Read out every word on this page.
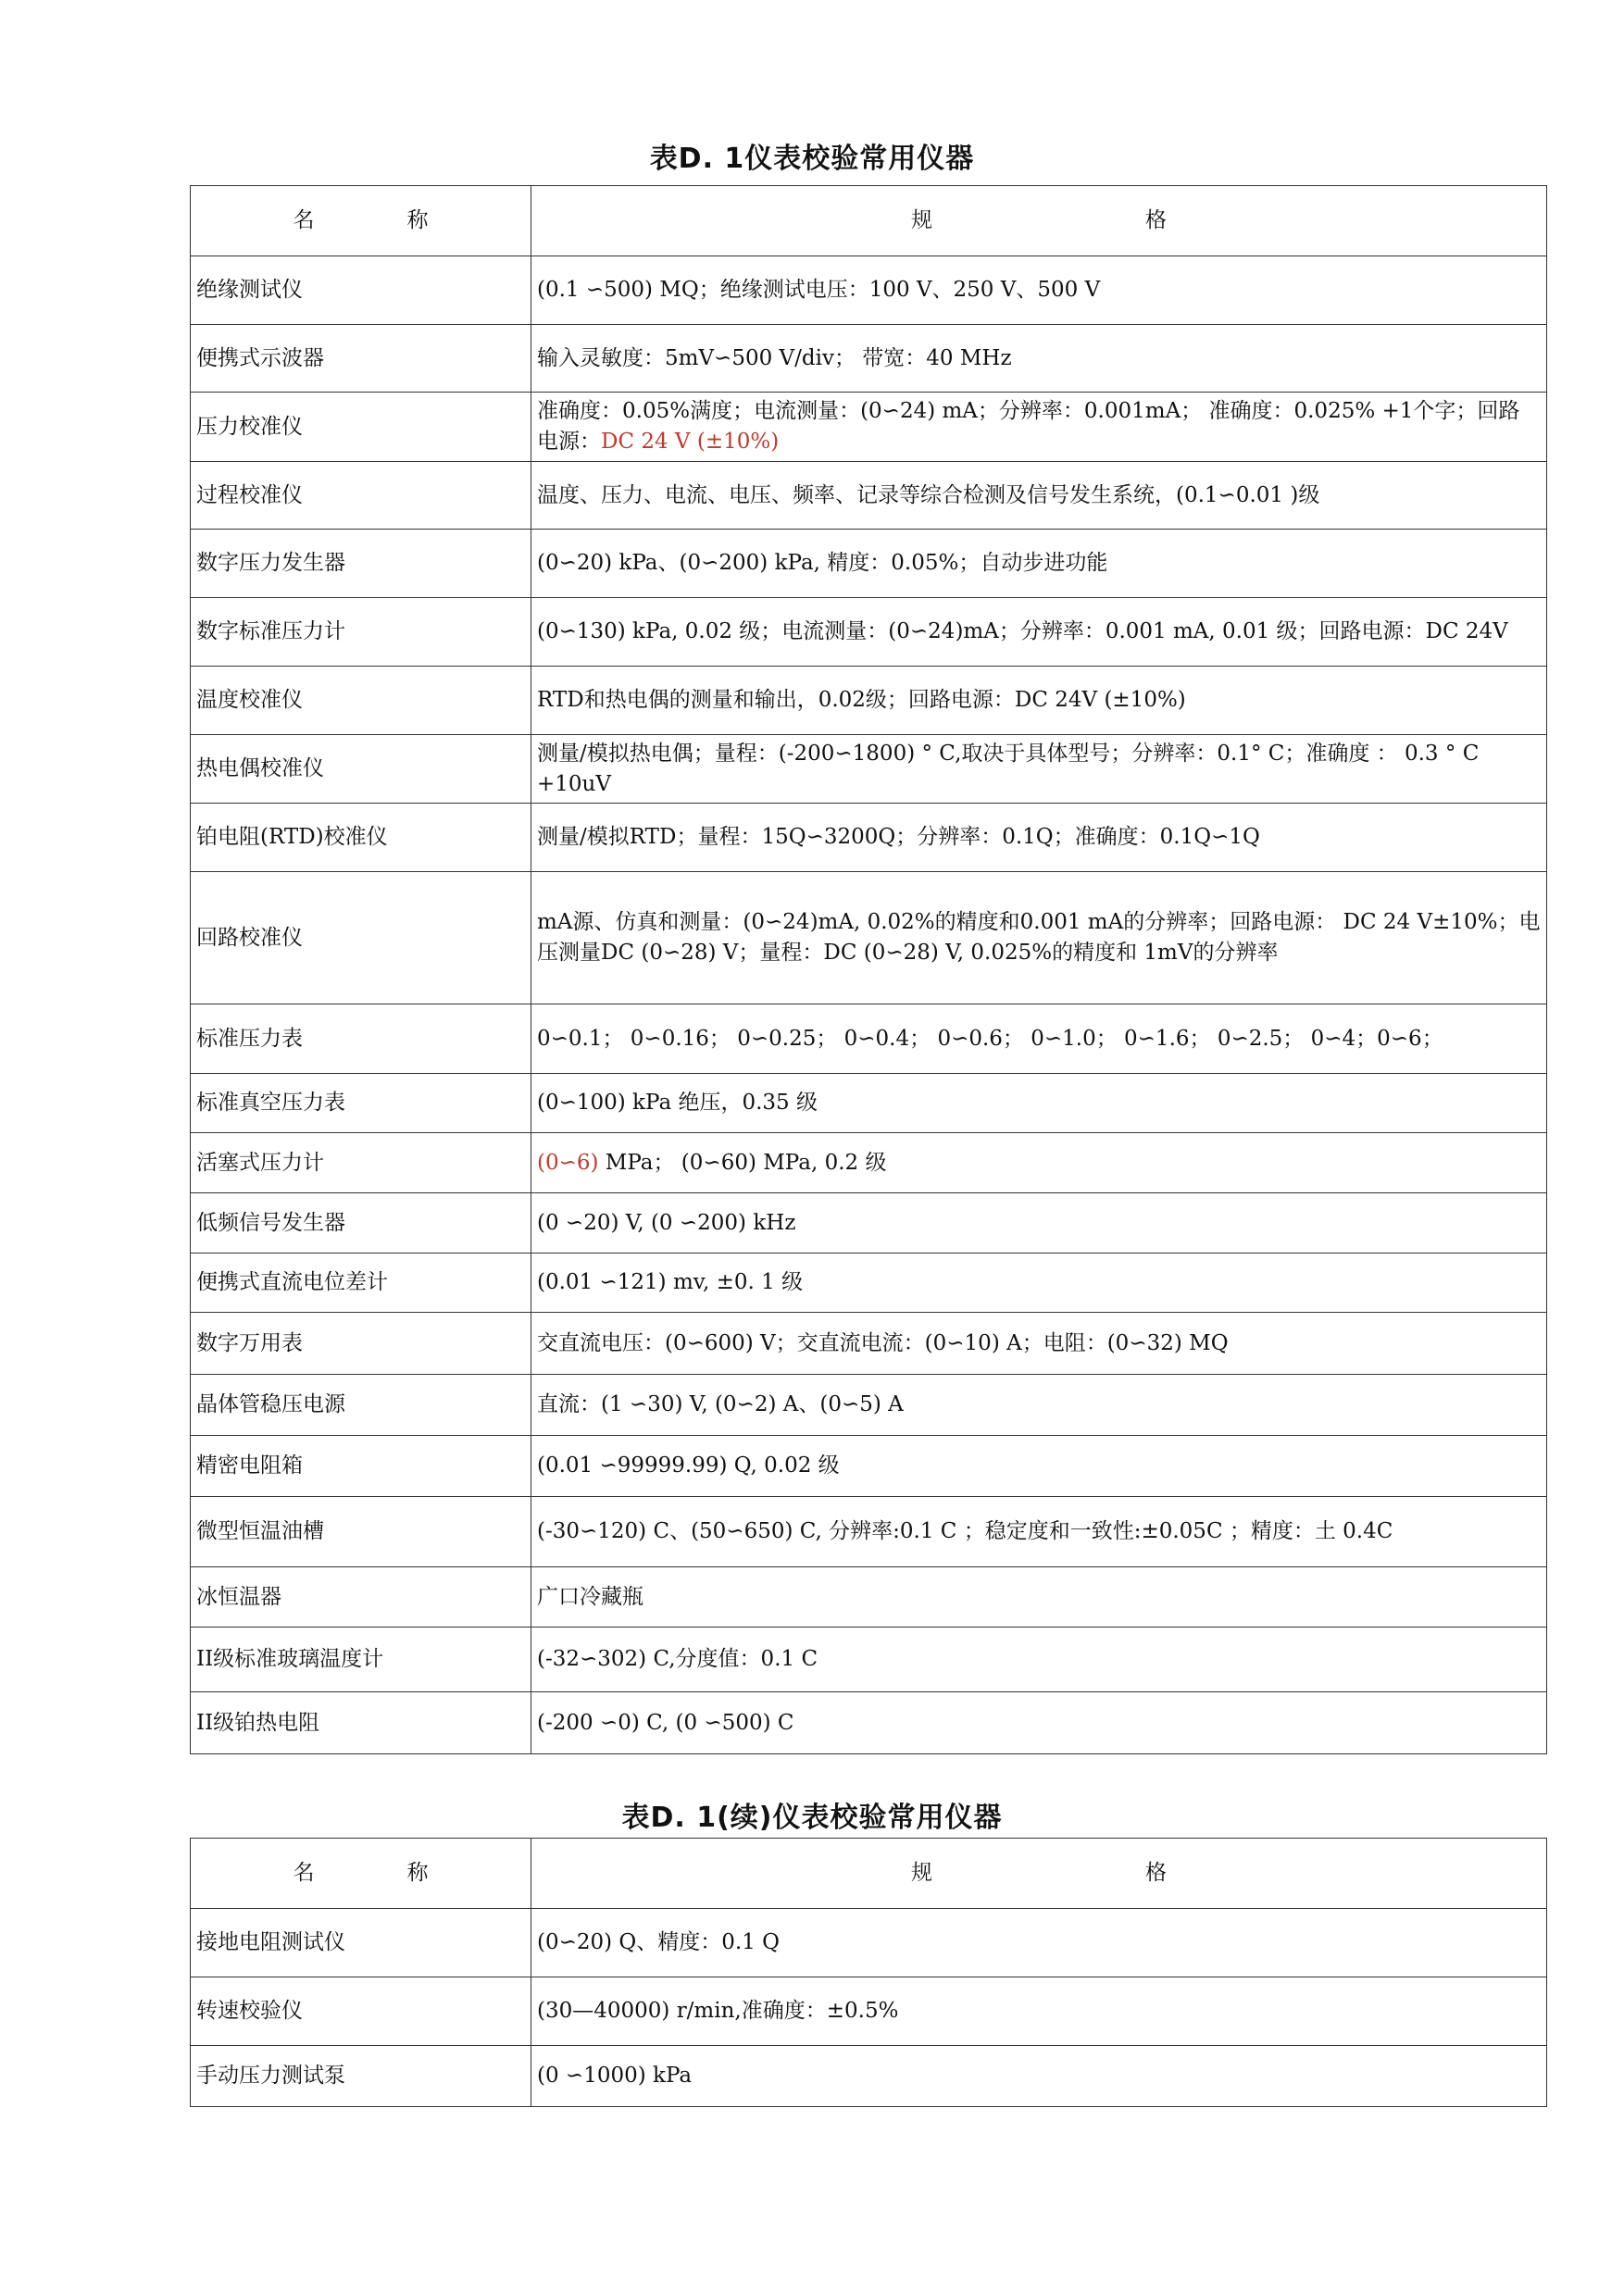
表D. 1仪表校验常用仪器
名 称	规 格
绝缘测试仪	(0.1 ∽500) MQ；绝缘测试电压：100 V、250 V、500 V
便携式示波器	输入灵敏度：5mV∽500 V/div； 带宽：40 MHz
压力校准仪	准确度：0.05%满度；电流测量：(0∽24) mA；分辨率：0.001mA； 准确度：0.025% +1个字；回路电源：DC 24 V (±10%)
过程校准仪	温度、压力、电流、电压、频率、记录等综合检测及信号发生系统，(0.1∽0.01 )级
数字压力发生器	(0∽20) kPa、(0∽200) kPa, 精度：0.05%；自动步进功能
数字标准压力计	(0∽130) kPa, 0.02 级；电流测量：(0∽24)mA；分辨率：0.001 mA, 0.01 级；回路电源：DC 24V
温度校准仪	RTD和热电偶的测量和输出，0.02级；回路电源：DC 24V (±10%)
热电偶校准仪	测量/模拟热电偶；量程：(-200∽1800) ° C,取决于具体型号；分辨率：0.1° C；准确度 ： 0.3 ° C +10uV
铂电阻(RTD)校准仪	测量/模拟RTD；量程：15Q∽3200Q；分辨率：0.1Q；准确度：0.1Q∽1Q
回路校准仪	mA源、仿真和测量：(0∽24)mA, 0.02%的精度和0.001 mA的分辨率；回路电源： DC 24 V±10%；电压测量DC (0∽28) V；量程：DC (0∽28) V, 0.025%的精度和 1mV的分辨率
标准压力表	0∽0.1； 0∽0.16； 0∽0.25； 0∽0.4； 0∽0.6； 0∽1.0； 0∽1.6； 0∽2.5； 0∽4；0∽6；
标准真空压力表	(0∽100) kPa 绝压，0.35 级
活塞式压力计	(0∽6) MPa； (0∽60) MPa, 0.2 级
低频信号发生器	(0 ∽20) V, (0 ∽200) kHz
便携式直流电位差计	(0.01 ∽121) mv, ±0. 1 级
数字万用表	交直流电压：(0∽600) V；交直流电流：(0∽10) A；电阻：(0∽32) MQ
晶体管稳压电源	直流：(1 ∽30) V, (0∽2) A、(0∽5) A
精密电阻箱	(0.01 ∽99999.99) Q, 0.02 级
微型恒温油槽	(-30∽120) C、(50∽650) C, 分辨率:0.1 C ；稳定度和一致性:±0.05C ；精度：土 0.4C
冰恒温器	广口冷藏瓶
II级标准玻璃温度计	(-32∽302) C,分度值：0.1 C
II级铂热电阻	(-200 ∽0) C, (0 ∽500) C
表D. 1(续)仪表校验常用仪器
名 称	规 格
接地电阻测试仪	(0∽20) Q、精度：0.1 Q
转速校验仪	(30—40000) r/min,准确度：±0.5%
手动压力测试泵	(0 ∽1000) kPa
